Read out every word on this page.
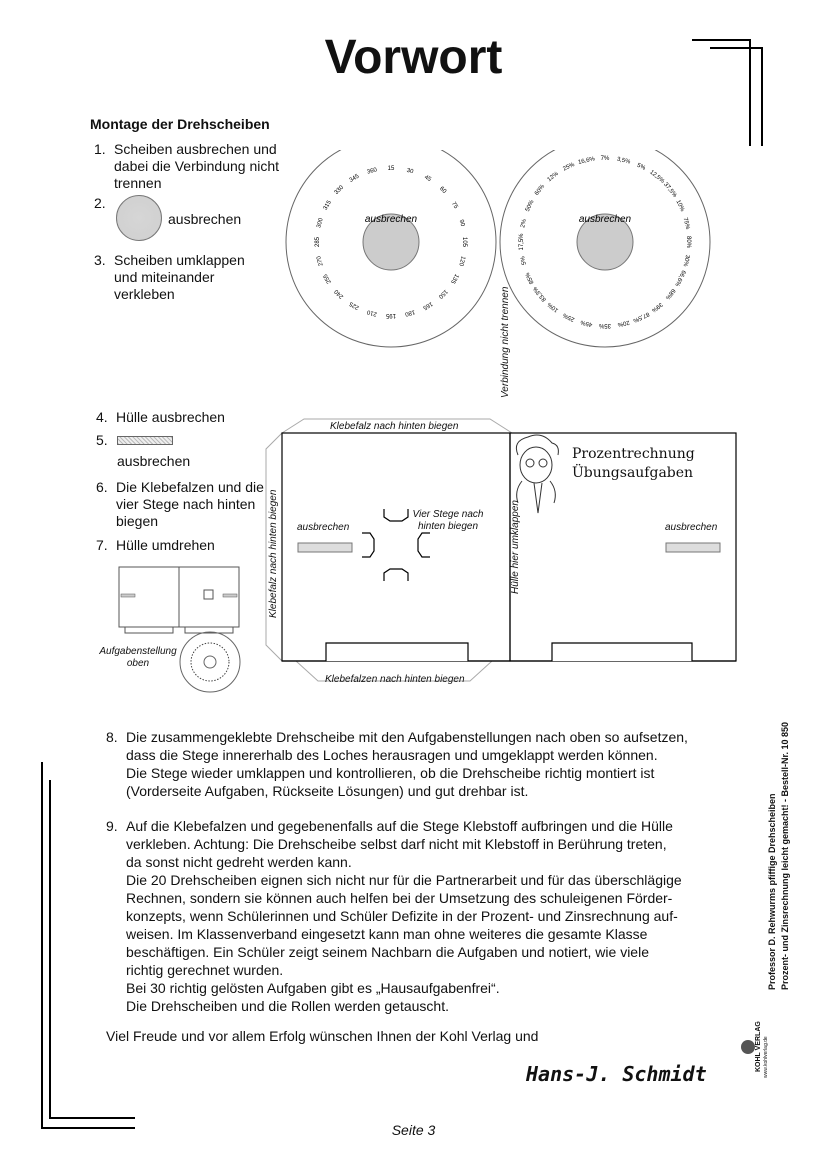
Vorwort
Montage der Drehscheiben
1. Scheiben ausbrechen und dabei die Verbindung nicht trennen
2.
ausbrechen
3. Scheiben umklappen und miteinander verkleben
15 30
45
60
75
90
105
120
135
150
165
180
195
210
225
240
255
270
285
300
315
330
345
360
7% 3,5%
5%
12,5%
37,5%
10%
75%
80%
30%
66,6%
68%
39%
87,5%
20%
35%
45%
25%
10%
83,3%
85%
5%
17,5%
2%
50%
60%
12%
25%
16,6%
ausbrechen	ausbrechen
Verbindung nicht trennen
4. Hülle ausbrechen
5.
ausbrechen
6. Die Klebefalzen und die vier Stege nach hinten biegen
7. Hülle umdrehen
Aufgabenstellung oben
Klebefalz nach hinten biegen
Klebefalzen nach hinten biegen
Klebefalz nach hinten biegen	Hülle hier umklappen
ausbrechen	ausbrechen
Vier Stege nach hinten biegen
Prozentrechnung
Übungsaufgaben
8. Die zusammengeklebte Drehscheibe mit den Aufgabenstellungen nach oben so aufsetzen,
dass die Stege innererhalb des Loches herausragen und umgeklappt werden können.
Die Stege wieder umklappen und kontrollieren, ob die Drehscheibe richtig montiert ist
(Vorderseite Aufgaben, Rückseite Lösungen) und gut drehbar ist.
9. Auf die Klebefalzen und gegebenenfalls auf die Stege Klebstoff aufbringen und die Hülle
verkleben. Achtung: Die Drehscheibe selbst darf nicht mit Klebstoff in Berührung treten,
da sonst nicht gedreht werden kann.
Die 20 Drehscheiben eignen sich nicht nur für die Partnerarbeit und für das überschlägige
Rechnen, sondern sie können auch helfen bei der Umsetzung des schuleigenen Förder-
konzepts, wenn Schülerinnen und Schüler Defizite in der Prozent- und Zinsrechnung auf-
weisen. Im Klassenverband eingesetzt kann man ohne weiteres die gesamte Klasse
beschäftigen. Ein Schüler zeigt seinem Nachbarn die Aufgaben und notiert, wie viele
richtig gerechnet wurden.
Bei 30 richtig gelösten Aufgaben gibt es „Hausaufgabenfrei“.
Die Drehscheiben und die Rollen werden getauscht.
Viel Freude und vor allem Erfolg wünschen Ihnen der Kohl Verlag und
Hans-J. Schmidt
Seite 3
Professor D. Rehwurms pfiffige Drehscheiben Prozent- und Zinsrechnung leicht gemacht! - Bestell-Nr. 10 850
KOHL VERLAG www.kohlverlag.de
